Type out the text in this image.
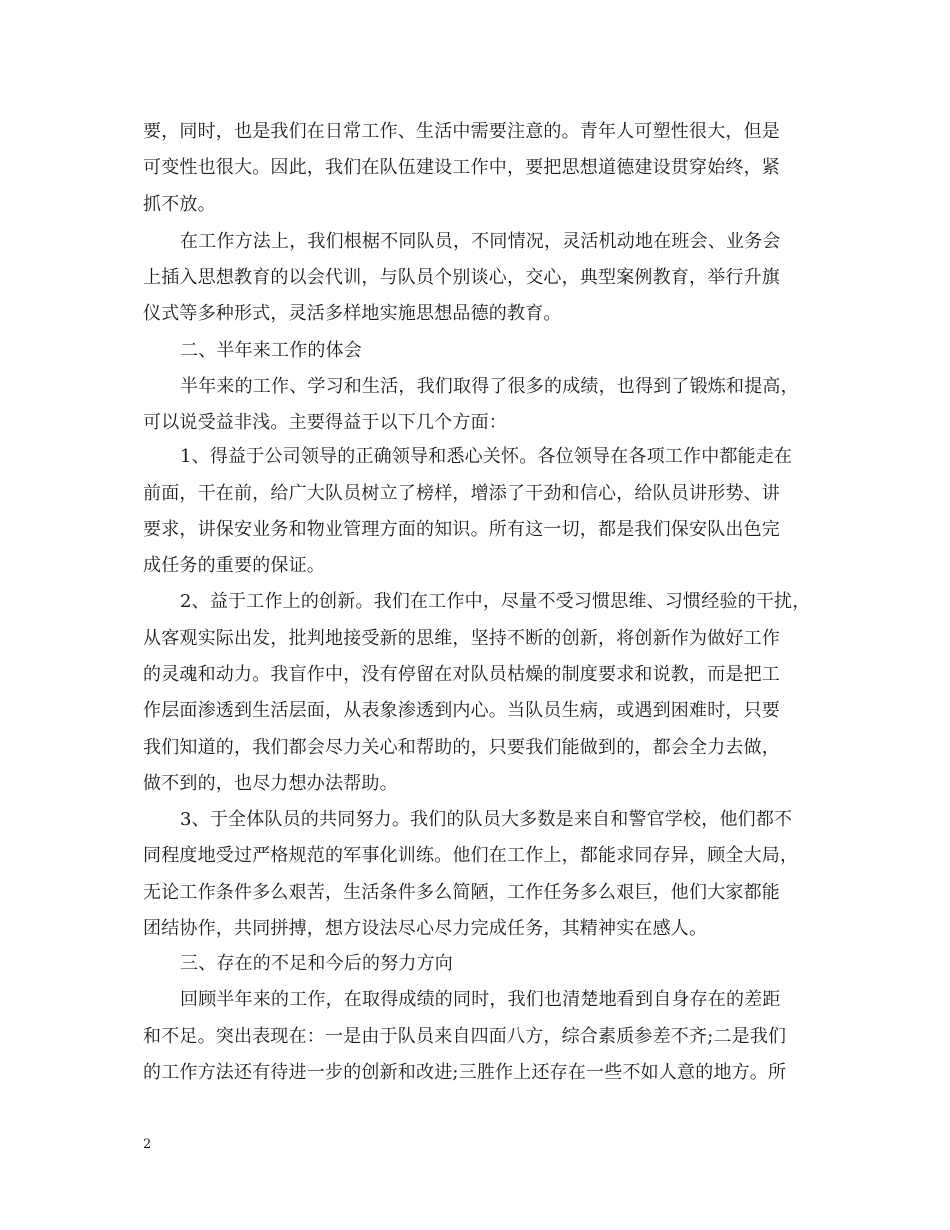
要，同时，也是我们在日常工作、生活中需要注意的。青年人可塑性很大，但是
可变性也很大。因此，我们在队伍建设工作中，要把思想道德建设贯穿始终，紧
抓不放。
在工作方法上，我们根椐不同队员，不同情况，灵活机动地在班会、业务会
上插入思想教育的以会代训，与队员个别谈心，交心，典型案例教育，举行升旗
仪式等多种形式，灵活多样地实施思想品德的教育。
二、半年来工作的体会
半年来的工作、学习和生活，我们取得了很多的成绩，也得到了锻炼和提高，
可以说受益非浅。主要得益于以下几个方面：
1、得益于公司领导的正确领导和悉心关怀。各位领导在各项工作中都能走在
前面，干在前，给广大队员树立了榜样，增添了干劲和信心，给队员讲形势、讲
要求，讲保安业务和物业管理方面的知识。所有这一切，都是我们保安队出色完
成任务的重要的保证。
2、益于工作上的创新。我们在工作中，尽量不受习惯思维、习惯经验的干扰，
从客观实际出发，批判地接受新的思维，坚持不断的创新，将创新作为做好工作
的灵魂和动力。我盲作中，没有停留在对队员枯燥的制度要求和说教，而是把工
作层面渗透到生活层面，从表象渗透到内心。当队员生病，或遇到困难时，只要
我们知道的，我们都会尽力关心和帮助的，只要我们能做到的，都会全力去做，
做不到的，也尽力想办法帮助。
3、于全体队员的共同努力。我们的队员大多数是来自和警官学校，他们都不
同程度地受过严格规范的军事化训练。他们在工作上，都能求同存异，顾全大局，
无论工作条件多么艰苦，生活条件多么简陋，工作任务多么艰巨，他们大家都能
团结协作，共同拼搏，想方设法尽心尽力完成任务，其精神实在感人。
三、存在的不足和今后的努力方向
回顾半年来的工作，在取得成绩的同时，我们也清楚地看到自身存在的差距
和不足。突出表现在：一是由于队员来自四面八方，综合素质参差不齐;二是我们
的工作方法还有待进一步的创新和改进;三胜作上还存在一些不如人意的地方。所
2
